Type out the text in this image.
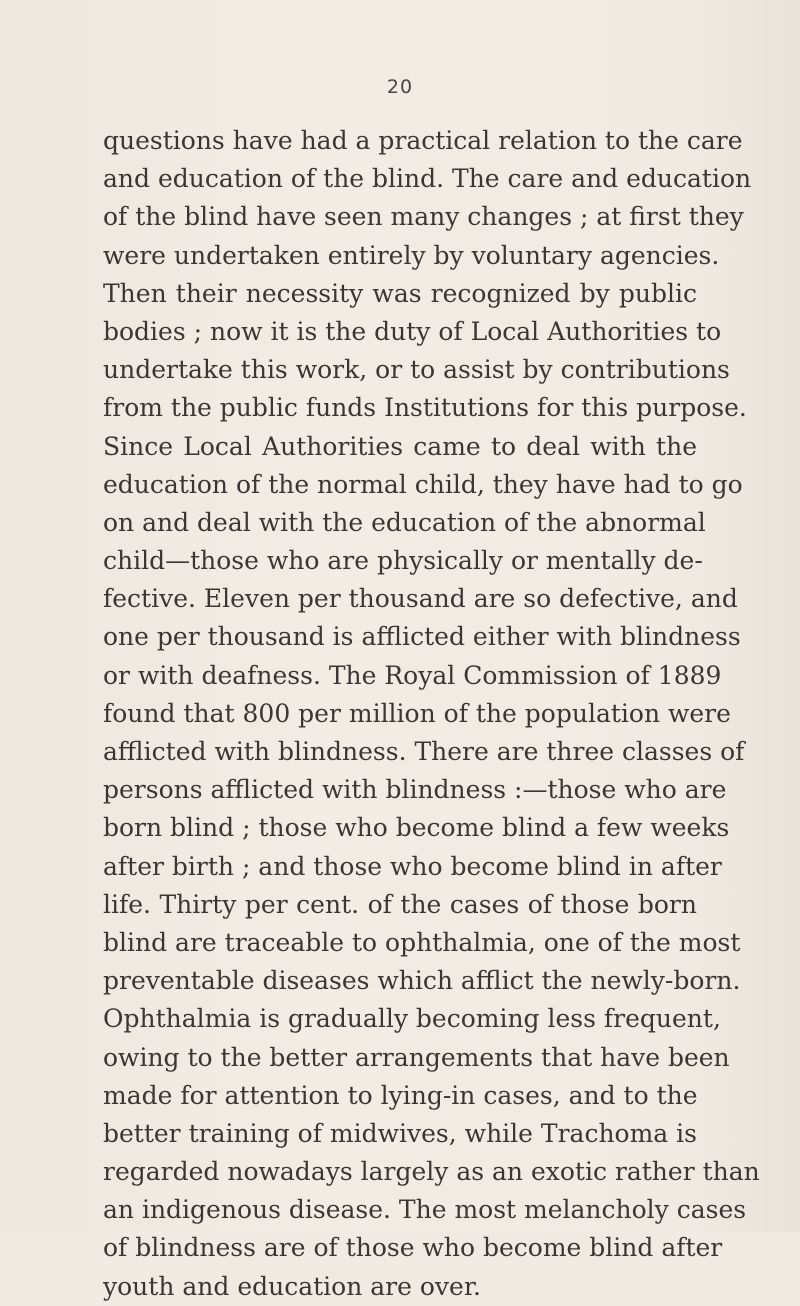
20
questions have had a practical relation to the care
and education of the blind. The care and education
of the blind have seen many changes ; at first they
were undertaken entirely by voluntary agencies.
Then their necessity was recognized by public
bodies ; now it is the duty of Local Authorities to
undertake this work, or to assist by contributions
from the public funds Institutions for this purpose.
Since Local Authorities came to deal with the
education of the normal child, they have had to go
on and deal with the education of the abnormal
child—those who are physically or mentally de-
fective. Eleven per thousand are so defective, and
one per thousand is afflicted either with blindness
or with deafness. The Royal Commission of 1889
found that 800 per million of the population were
afflicted with blindness. There are three classes of
persons afflicted with blindness :—those who are
born blind ; those who become blind a few weeks
after birth ; and those who become blind in after
life. Thirty per cent. of the cases of those born
blind are traceable to ophthalmia, one of the most
preventable diseases which afflict the newly-born.
Ophthalmia is gradually becoming less frequent,
owing to the better arrangements that have been
made for attention to lying-in cases, and to the
better training of midwives, while Trachoma is
regarded nowadays largely as an exotic rather than
an indigenous disease. The most melancholy cases
of blindness are of those who become blind after
youth and education are over.
